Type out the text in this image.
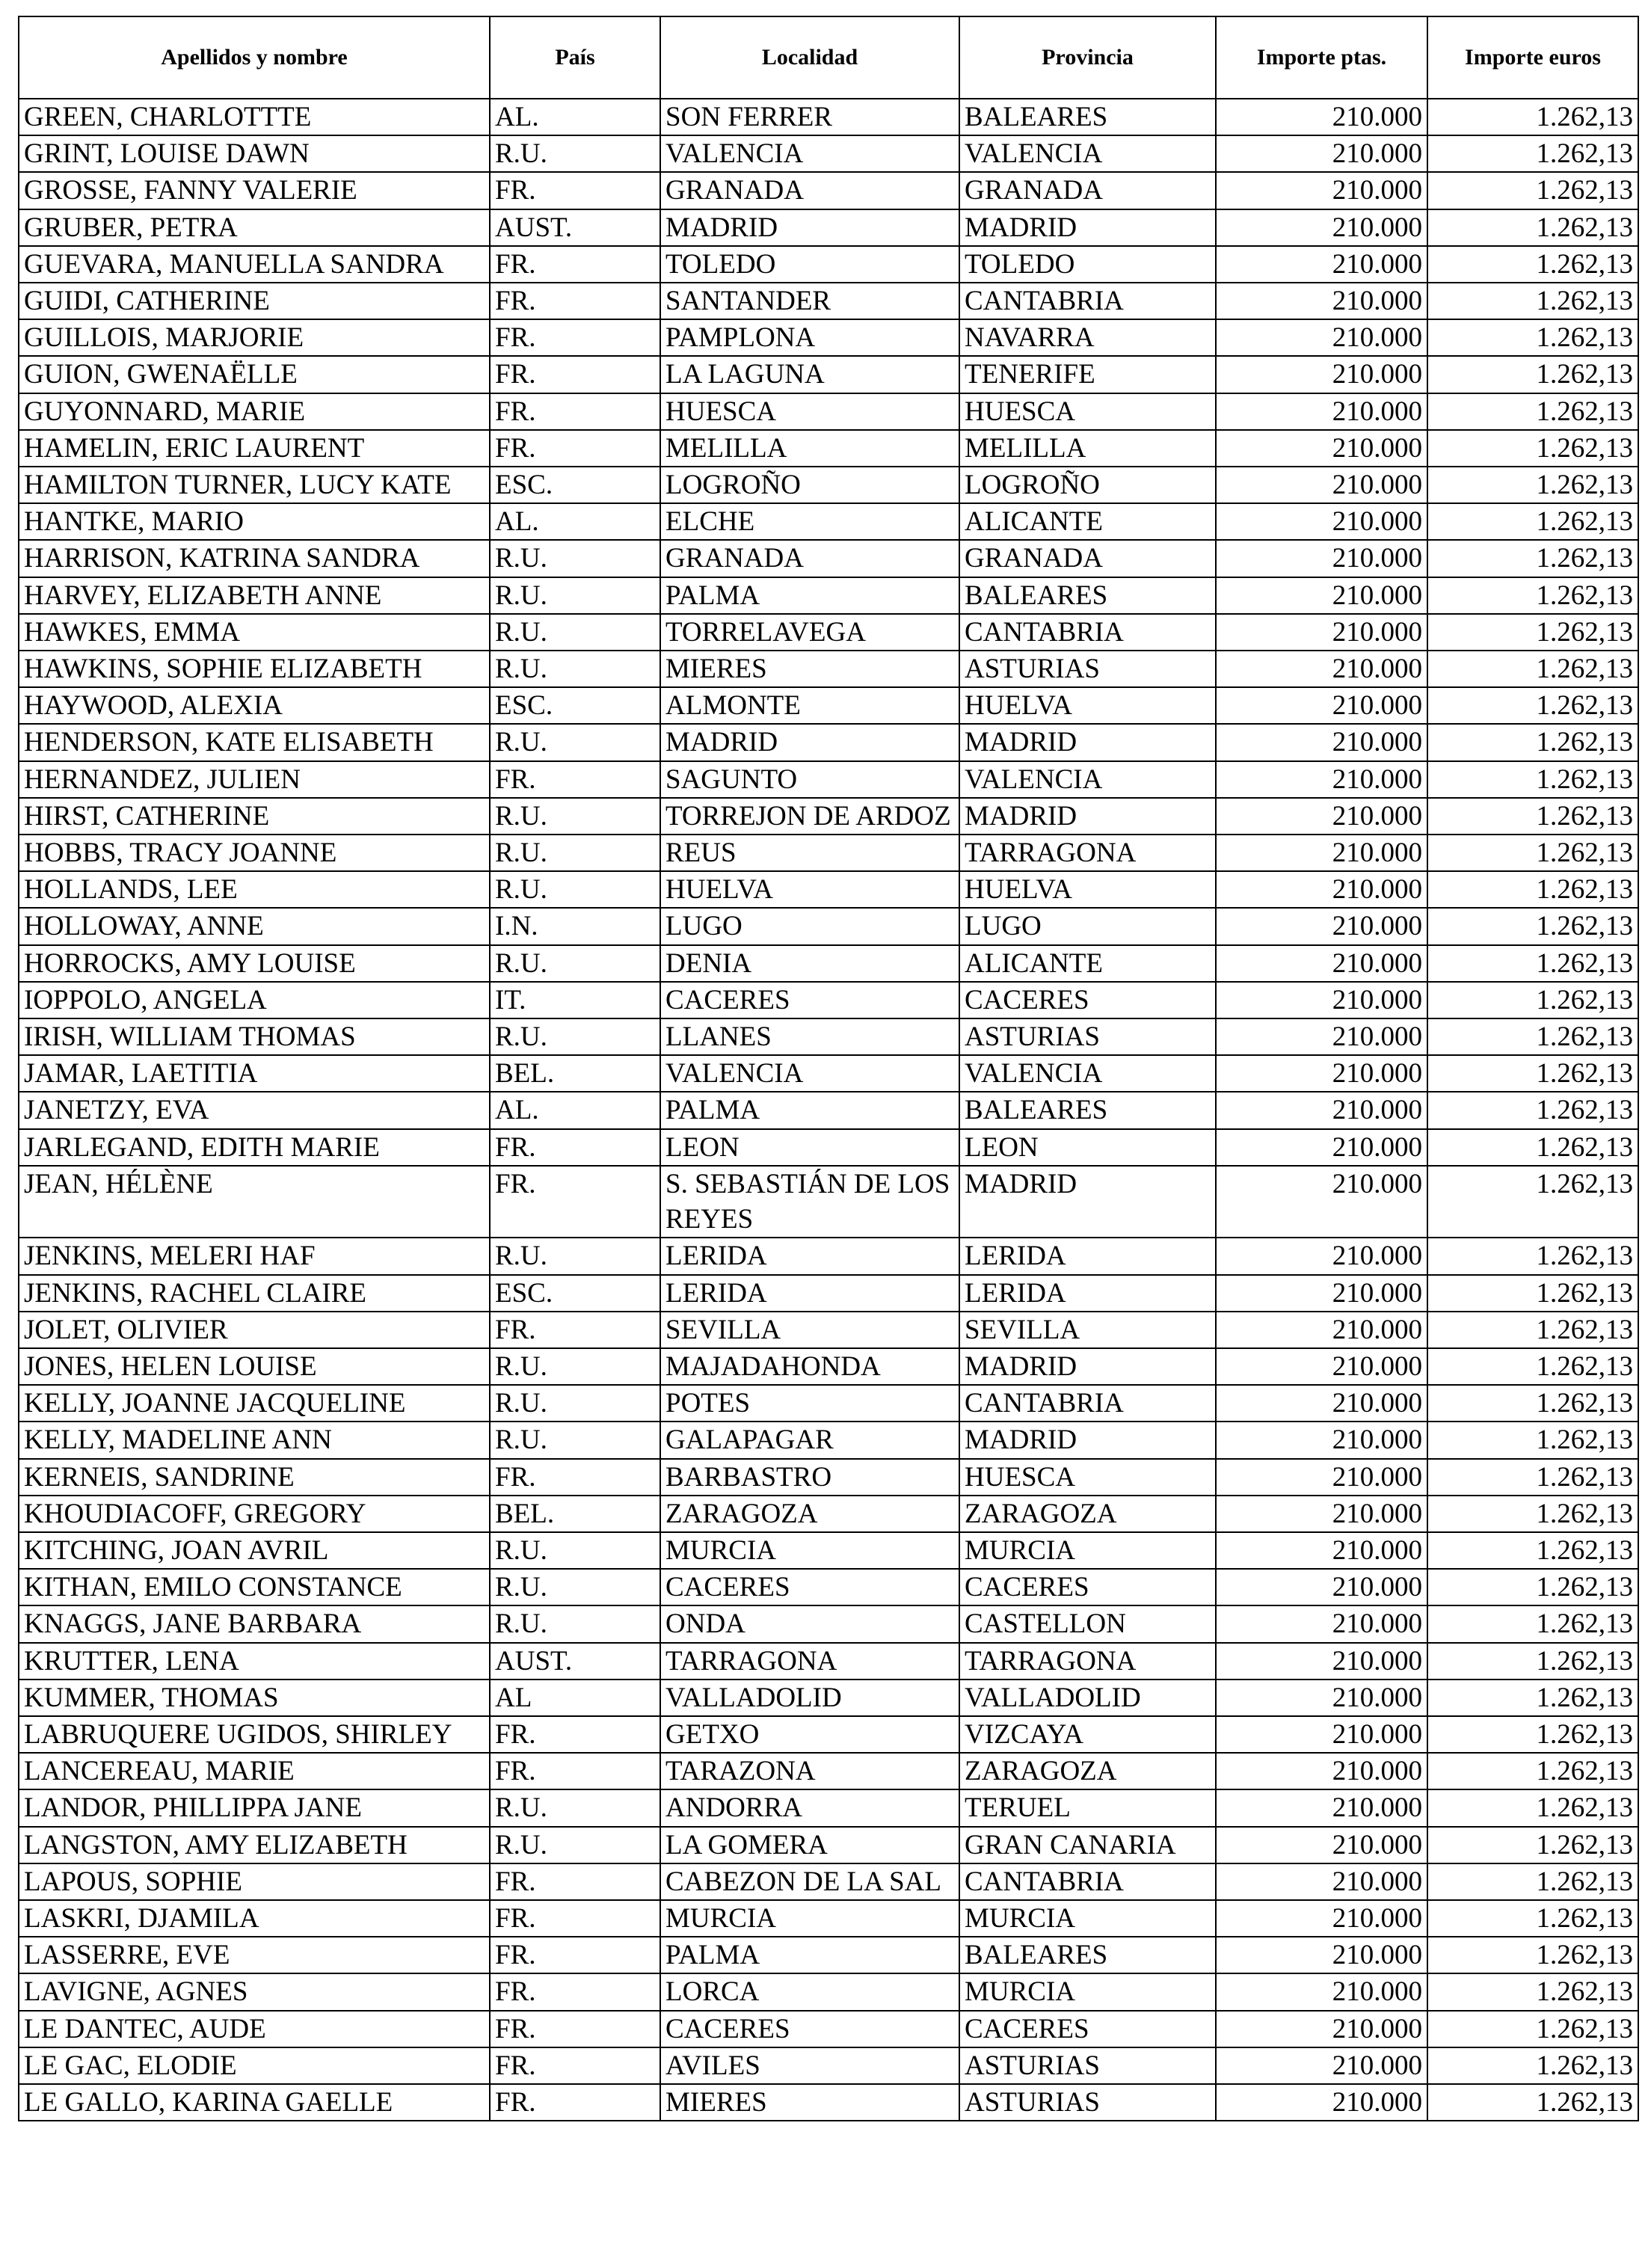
Apellidos y nombre	País	Localidad	Provincia	Importe ptas.	Importe euros
GREEN, CHARLOTTTE	AL.	SON FERRER	BALEARES	210.000	1.262,13
GRINT, LOUISE DAWN	R.U.	VALENCIA	VALENCIA	210.000	1.262,13
GROSSE, FANNY VALERIE	FR.	GRANADA	GRANADA	210.000	1.262,13
GRUBER, PETRA	AUST.	MADRID	MADRID	210.000	1.262,13
GUEVARA, MANUELLA SANDRA	FR.	TOLEDO	TOLEDO	210.000	1.262,13
GUIDI, CATHERINE	FR.	SANTANDER	CANTABRIA	210.000	1.262,13
GUILLOIS, MARJORIE	FR.	PAMPLONA	NAVARRA	210.000	1.262,13
GUION, GWENAËLLE	FR.	LA LAGUNA	TENERIFE	210.000	1.262,13
GUYONNARD, MARIE	FR.	HUESCA	HUESCA	210.000	1.262,13
HAMELIN, ERIC LAURENT	FR.	MELILLA	MELILLA	210.000	1.262,13
HAMILTON TURNER, LUCY KATE	ESC.	LOGROÑO	LOGROÑO	210.000	1.262,13
HANTKE, MARIO	AL.	ELCHE	ALICANTE	210.000	1.262,13
HARRISON, KATRINA SANDRA	R.U.	GRANADA	GRANADA	210.000	1.262,13
HARVEY, ELIZABETH ANNE	R.U.	PALMA	BALEARES	210.000	1.262,13
HAWKES, EMMA	R.U.	TORRELAVEGA	CANTABRIA	210.000	1.262,13
HAWKINS, SOPHIE ELIZABETH	R.U.	MIERES	ASTURIAS	210.000	1.262,13
HAYWOOD, ALEXIA	ESC.	ALMONTE	HUELVA	210.000	1.262,13
HENDERSON, KATE ELISABETH	R.U.	MADRID	MADRID	210.000	1.262,13
HERNANDEZ, JULIEN	FR.	SAGUNTO	VALENCIA	210.000	1.262,13
HIRST, CATHERINE	R.U.	TORREJON DE ARDOZ	MADRID	210.000	1.262,13
HOBBS, TRACY JOANNE	R.U.	REUS	TARRAGONA	210.000	1.262,13
HOLLANDS, LEE	R.U.	HUELVA	HUELVA	210.000	1.262,13
HOLLOWAY, ANNE	I.N.	LUGO	LUGO	210.000	1.262,13
HORROCKS, AMY LOUISE	R.U.	DENIA	ALICANTE	210.000	1.262,13
IOPPOLO, ANGELA	IT.	CACERES	CACERES	210.000	1.262,13
IRISH, WILLIAM THOMAS	R.U.	LLANES	ASTURIAS	210.000	1.262,13
JAMAR, LAETITIA	BEL.	VALENCIA	VALENCIA	210.000	1.262,13
JANETZY, EVA	AL.	PALMA	BALEARES	210.000	1.262,13
JARLEGAND, EDITH MARIE	FR.	LEON	LEON	210.000	1.262,13
JEAN, HÉLÈNE	FR.	S. SEBASTIÁN DE LOS REYES	MADRID	210.000	1.262,13
JENKINS, MELERI HAF	R.U.	LERIDA	LERIDA	210.000	1.262,13
JENKINS, RACHEL CLAIRE	ESC.	LERIDA	LERIDA	210.000	1.262,13
JOLET, OLIVIER	FR.	SEVILLA	SEVILLA	210.000	1.262,13
JONES, HELEN LOUISE	R.U.	MAJADAHONDA	MADRID	210.000	1.262,13
KELLY, JOANNE JACQUELINE	R.U.	POTES	CANTABRIA	210.000	1.262,13
KELLY, MADELINE ANN	R.U.	GALAPAGAR	MADRID	210.000	1.262,13
KERNEIS, SANDRINE	FR.	BARBASTRO	HUESCA	210.000	1.262,13
KHOUDIACOFF, GREGORY	BEL.	ZARAGOZA	ZARAGOZA	210.000	1.262,13
KITCHING, JOAN AVRIL	R.U.	MURCIA	MURCIA	210.000	1.262,13
KITHAN, EMILO CONSTANCE	R.U.	CACERES	CACERES	210.000	1.262,13
KNAGGS, JANE BARBARA	R.U.	ONDA	CASTELLON	210.000	1.262,13
KRUTTER, LENA	AUST.	TARRAGONA	TARRAGONA	210.000	1.262,13
KUMMER, THOMAS	AL	VALLADOLID	VALLADOLID	210.000	1.262,13
LABRUQUERE UGIDOS, SHIRLEY	FR.	GETXO	VIZCAYA	210.000	1.262,13
LANCEREAU, MARIE	FR.	TARAZONA	ZARAGOZA	210.000	1.262,13
LANDOR, PHILLIPPA JANE	R.U.	ANDORRA	TERUEL	210.000	1.262,13
LANGSTON, AMY ELIZABETH	R.U.	LA GOMERA	GRAN CANARIA	210.000	1.262,13
LAPOUS, SOPHIE	FR.	CABEZON DE LA SAL	CANTABRIA	210.000	1.262,13
LASKRI, DJAMILA	FR.	MURCIA	MURCIA	210.000	1.262,13
LASSERRE, EVE	FR.	PALMA	BALEARES	210.000	1.262,13
LAVIGNE, AGNES	FR.	LORCA	MURCIA	210.000	1.262,13
LE DANTEC, AUDE	FR.	CACERES	CACERES	210.000	1.262,13
LE GAC, ELODIE	FR.	AVILES	ASTURIAS	210.000	1.262,13
LE GALLO, KARINA GAELLE	FR.	MIERES	ASTURIAS	210.000	1.262,13
